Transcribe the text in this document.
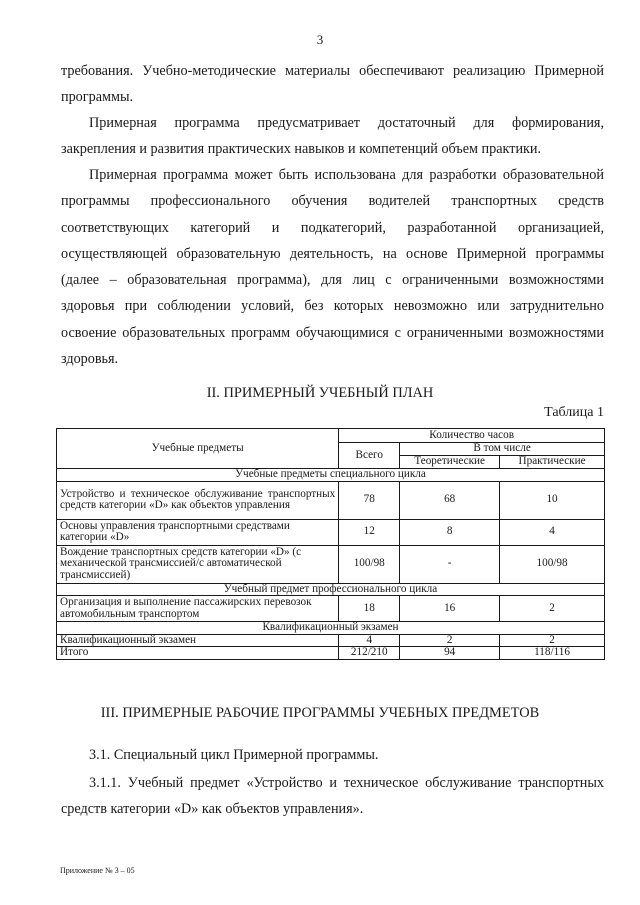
3

требования. Учебно-методические материалы обеспечивают реализацию Примерной программы.

Примерная программа предусматривает достаточный для формирования, закрепления и развития практических навыков и компетенций объем практики.

Примерная программа может быть использована для разработки образовательной программы профессионального обучения водителей транспортных средств соответствующих категорий и подкатегорий, разработанной организацией, осуществляющей образовательную деятельность, на основе Примерной программы (далее – образовательная программа), для лиц с ограниченными возможностями здоровья при соблюдении условий, без которых невозможно или затруднительно освоение образовательных программ обучающимися с ограниченными возможностями здоровья.

II. ПРИМЕРНЫЙ УЧЕБНЫЙ ПЛАН
Таблица 1
Учебные предметы	Количество часов		
	Всего	В том числе	
		Теоретические	Практические
Учебные предметы специального цикла			
Устройство и техническое обслуживание транспортных средств категории «D» как объектов управления	78	68	10
Основы управления транспортными средствами категории «D»	12	8	4
Вождение транспортных средств категории «D» (с механической трансмиссией/с автоматической трансмиссией)	100/98	-	100/98
Учебный предмет профессионального цикла			
Организация и выполнение пассажирских перевозок автомобильным транспортом	18	16	2
Квалификационный экзамен			
Квалификационный экзамен	4	2	2
Итого	212/210	94	118/116
III. ПРИМЕРНЫЕ РАБОЧИЕ ПРОГРАММЫ УЧЕБНЫХ ПРЕДМЕТОВ

3.1. Специальный цикл Примерной программы.

3.1.1. Учебный предмет «Устройство и техническое обслуживание транспортных средств категории «D» как объектов управления».

Приложение № 3 – 05
